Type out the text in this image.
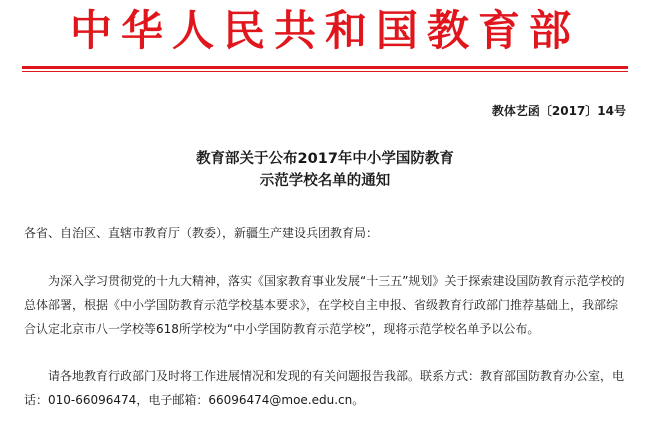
中华人民共和国教育部
教体艺函〔2017〕14号
教育部关于公布2017年中小学国防教育
示范学校名单的通知
各省、自治区、直辖市教育厅（教委），新疆生产建设兵团教育局：
为深入学习贯彻党的十九大精神，落实《国家教育事业发展“十三五”规划》关于探索建设国防教育示范学校的总体部署，根据《中小学国防教育示范学校基本要求》，在学校自主申报、省级教育行政部门推荐基础上，我部综合认定北京市八一学校等618所学校为“中小学国防教育示范学校”，现将示范学校名单予以公布。
请各地教育行政部门及时将工作进展情况和发现的有关问题报告我部。联系方式：教育部国防教育办公室，电话：010-66096474，电子邮箱：66096474@moe.edu.cn。
